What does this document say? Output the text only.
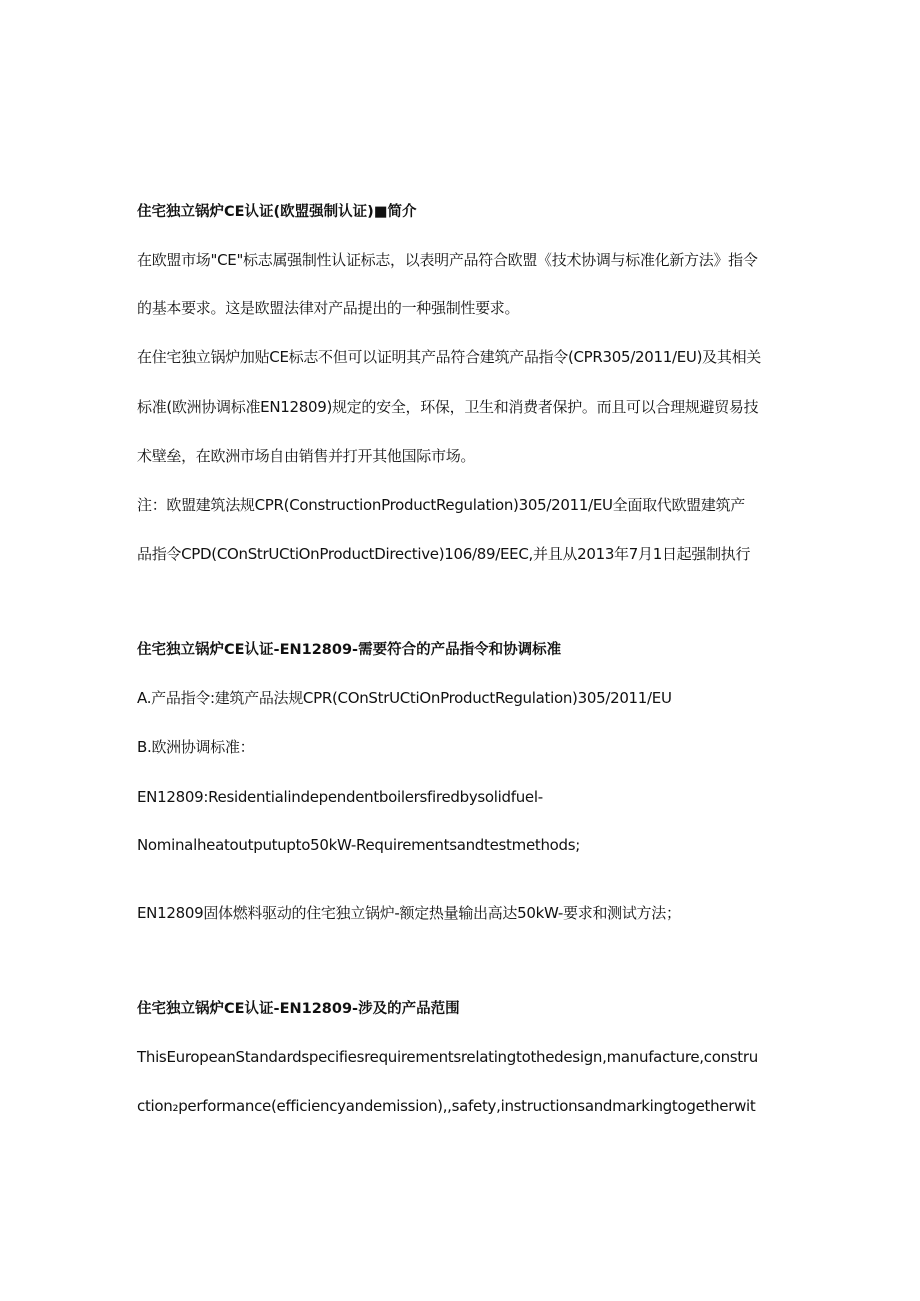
住宅独立锅炉CE认证(欧盟强制认证)■简介
在欧盟市场"CE"标志属强制性认证标志，以表明产品符合欧盟《技术协调与标准化新方法》指令
的基本要求。这是欧盟法律对产品提出的一种强制性要求。
在住宅独立锅炉加贴CE标志不但可以证明其产品符合建筑产品指令(CPR305/2011/EU)及其相关
标准(欧洲协调标准EN12809)规定的安全，环保，卫生和消费者保护。而且可以合理规避贸易技
术壁垒，在欧洲市场自由销售并打开其他国际市场。
注：欧盟建筑法规CPR(ConstructionProductRegulation)305/2011/EU全面取代欧盟建筑产
品指令CPD(COnStrUCtiOnProductDirective)106/89/EEC,并且从2013年7月1日起强制执行
住宅独立锅炉CE认证-EN12809-需要符合的产品指令和协调标准
A.产品指令:建筑产品法规CPR(COnStrUCtiOnProductRegulation)305/2011/EU
B.欧洲协调标准：
EN12809:Residentialindependentboilersfiredbysolidfuel-
Nominalheatoutputupto50kW-Requirementsandtestmethods;
EN12809固体燃料驱动的住宅独立锅炉-额定热量输出高达50kW-要求和测试方法；
住宅独立锅炉CE认证-EN12809-涉及的产品范围
ThisEuropeanStandardspecifiesrequirementsrelatingtothedesign,manufacture,constru
ction₂performance(efficiencyandemission),,safety,instructionsandmarkingtogetherwit
